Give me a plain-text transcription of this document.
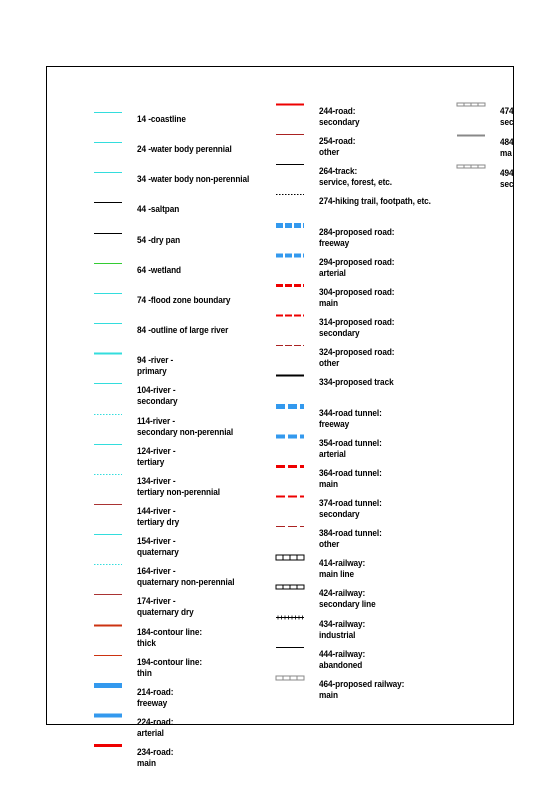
14 -coastline
24 -water body perennial
34 -water body non-perennial
44 -saltpan
54 -dry pan
64 -wetland
74 -flood zone boundary
84 -outline of large river
94 -river -
primary
104-river -
secondary
114-river -
secondary non-perennial
124-river -
tertiary
134-river -
tertiary non-perennial
144-river -
tertiary dry
154-river -
quaternary
164-river -
quaternary non-perennial
174-river -
quaternary dry
184-contour line:
thick
194-contour line:
thin
214-road:
freeway
224-road:
arterial
234-road:
main
244-road:
secondary
254-road:
other
264-track:
service, forest, etc.
274-hiking trail, footpath, etc.
284-proposed road:
freeway
294-proposed road:
arterial
304-proposed road:
main
314-proposed road:
secondary
324-proposed road:
other
334-proposed track
344-road tunnel:
freeway
354-road tunnel:
arterial
364-road tunnel:
main
374-road tunnel:
secondary
384-road tunnel:
other
414-railway:
main line
424-railway:
secondary line
434-railway:
industrial
444-railway:
abandoned
464-proposed railway:
main
474
sec
484
ma
494
sec
